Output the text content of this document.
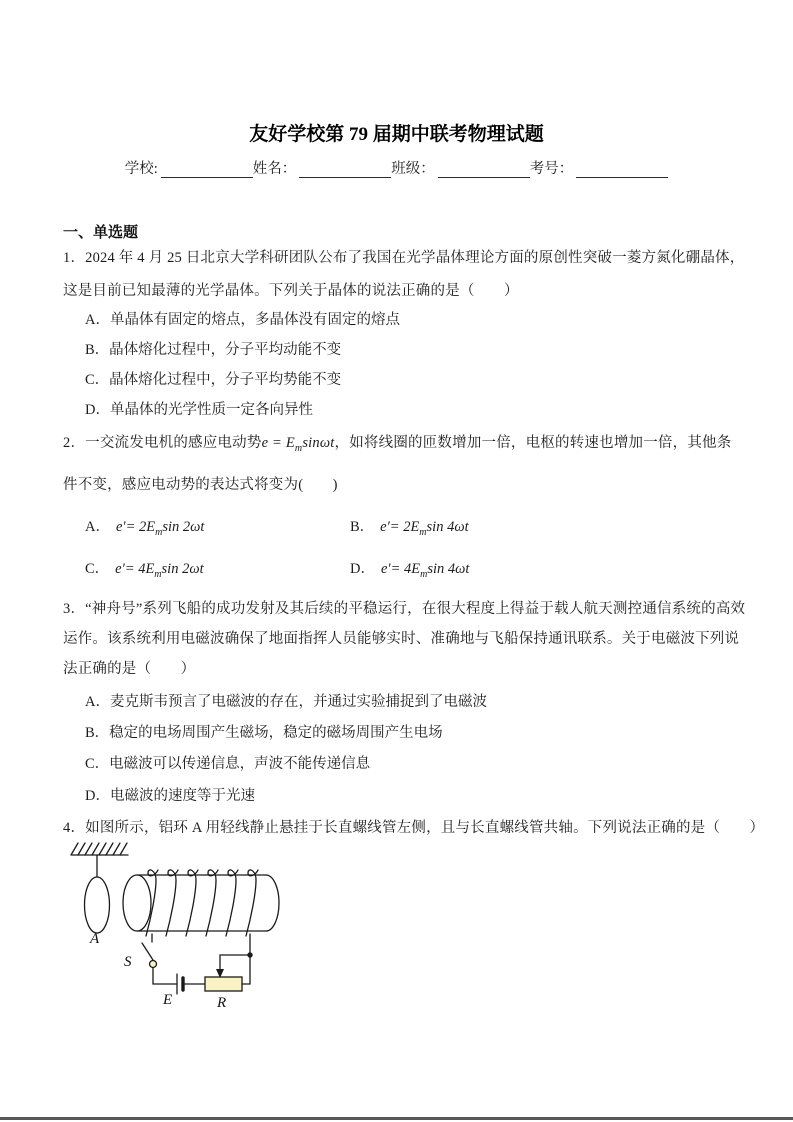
友好学校第 79 届期中联考物理试题
学校:	姓名：	班级：	考号：
一、单选题
1．2024 年 4 月 25 日北京大学科研团队公布了我国在光学晶体理论方面的原创性突破一菱方氮化硼晶体，
这是目前已知最薄的光学晶体。下列关于晶体的说法正确的是（　　）
A．单晶体有固定的熔点，多晶体没有固定的熔点
B．晶体熔化过程中，分子平均动能不变
C．晶体熔化过程中，分子平均势能不变
D．单晶体的光学性质一定各向异性
2．一交流发电机的感应电动势$e = E_m\sin\omega t$，如将线圈的匝数增加一倍，电枢的转速也增加一倍，其他条
件不变，感应电动势的表达式将变为(　　)
A． $e'= 2E_m\sin$ 2ωt	B． $e'= 2E_m\sin$ 4ωt
C． $e'= 4E_m\sin$ 2ωt	D． $e'= 4E_m\sin$ 4ωt
3．“神舟号”系列飞船的成功发射及其后续的平稳运行，在很大程度上得益于载人航天测控通信系统的高效
运作。该系统利用电磁波确保了地面指挥人员能够实时、准确地与飞船保持通讯联系。关于电磁波下列说
法正确的是（　　）
A．麦克斯韦预言了电磁波的存在，并通过实验捕捉到了电磁波
B．稳定的电场周围产生磁场，稳定的磁场周围产生电场
C．电磁波可以传递信息，声波不能传递信息
D．电磁波的速度等于光速
4．如图所示，铝环 A 用轻线静止悬挂于长直螺线管左侧，且与长直螺线管共轴。下列说法正确的是（　　）
A
S
E	R
